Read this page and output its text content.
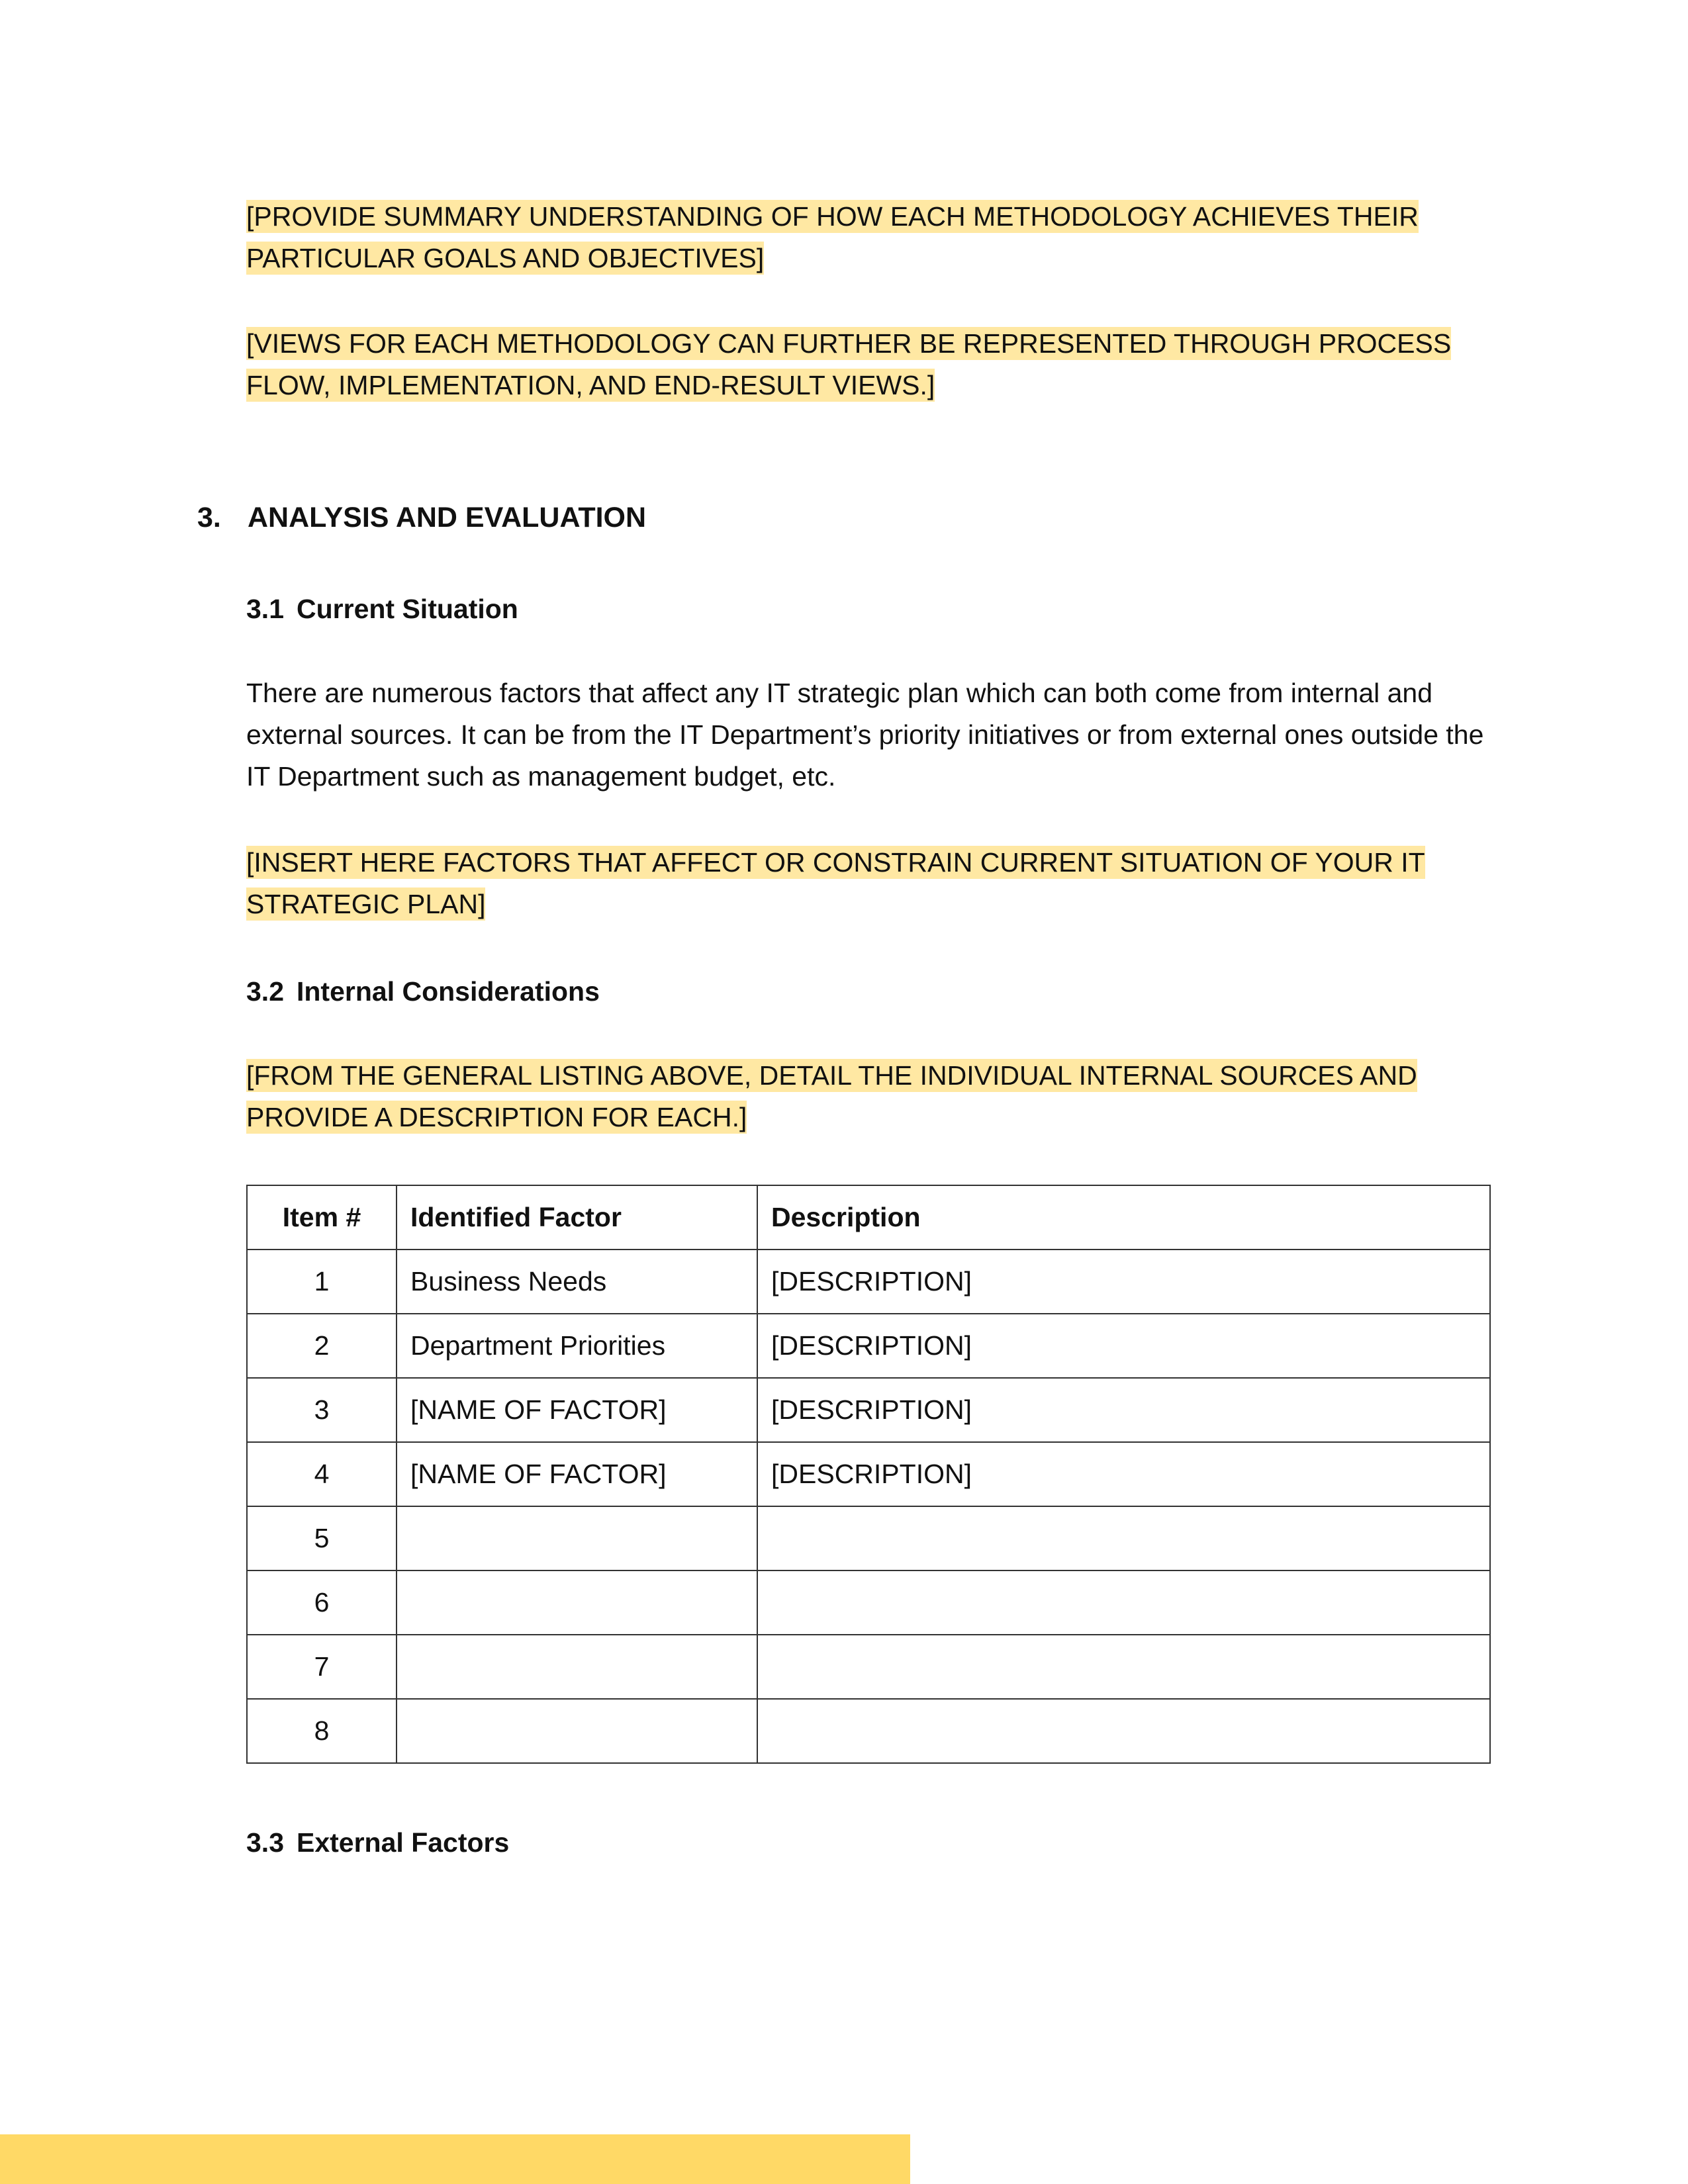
[PROVIDE SUMMARY UNDERSTANDING OF HOW EACH METHODOLOGY ACHIEVES THEIR PARTICULAR GOALS AND OBJECTIVES]
[VIEWS FOR EACH METHODOLOGY CAN FURTHER BE REPRESENTED THROUGH PROCESS FLOW, IMPLEMENTATION, AND END-RESULT VIEWS.]
3. ANALYSIS AND EVALUATION
3.1 Current Situation
There are numerous factors that affect any IT strategic plan which can both come from internal and external sources. It can be from the IT Department’s priority initiatives or from external ones outside the IT Department such as management budget, etc.
[INSERT HERE FACTORS THAT AFFECT OR CONSTRAIN CURRENT SITUATION OF YOUR IT STRATEGIC PLAN]
3.2 Internal Considerations
[FROM THE GENERAL LISTING ABOVE, DETAIL THE INDIVIDUAL INTERNAL SOURCES AND PROVIDE A DESCRIPTION FOR EACH.]
Item #	Identified Factor	Description
1	Business Needs	[DESCRIPTION]
2	Department Priorities	[DESCRIPTION]
3	[NAME OF FACTOR]	[DESCRIPTION]
4	[NAME OF FACTOR]	[DESCRIPTION]
5		
6		
7		
8		
3.3 External Factors
